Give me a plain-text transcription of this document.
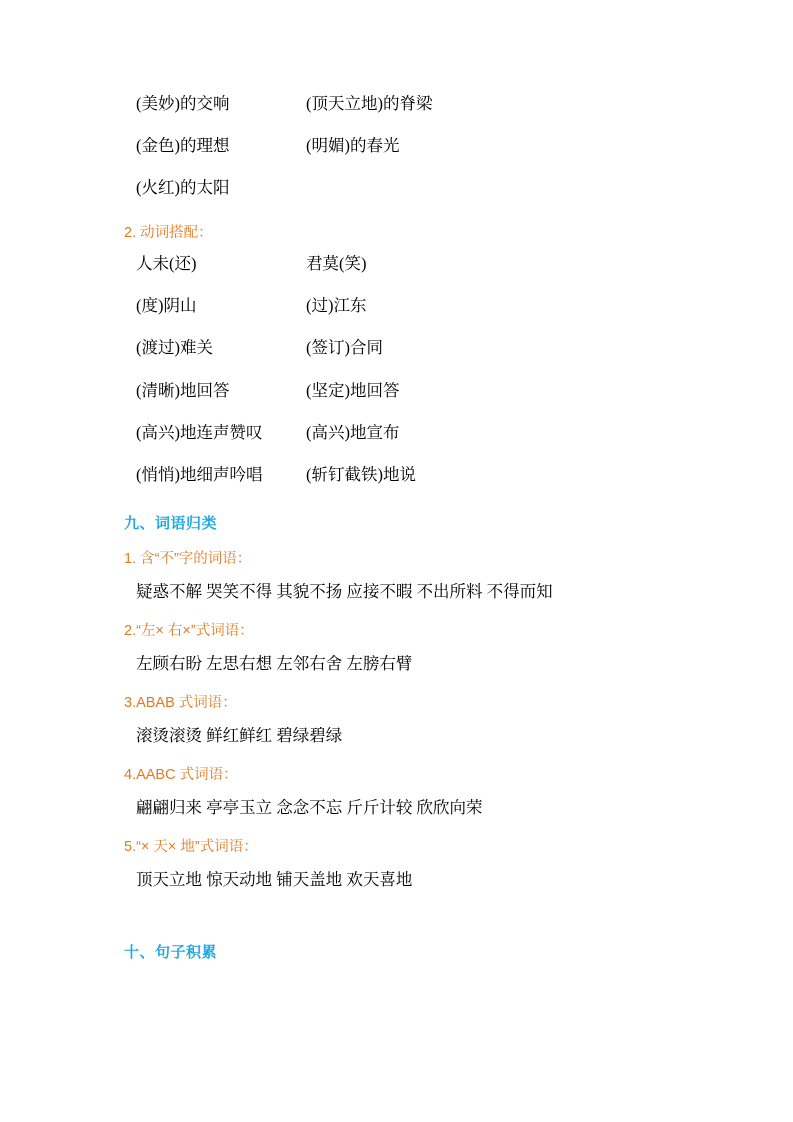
(美妙)的交响	(顶天立地)的脊梁
(金色)的理想	(明媚)的春光
(火红)的太阳
2. 动词搭配：
人未(还)	君莫(笑)
(度)阴山	(过)江东
(渡过)难关	(签订)合同
(清晰)地回答	(坚定)地回答
(高兴)地连声赞叹	(高兴)地宣布
(悄悄)地细声吟唱	(斩钉截铁)地说
九、词语归类
1. 含“不”字的词语：
疑惑不解 哭笑不得 其貌不扬 应接不暇 不出所料 不得而知
2.“左× 右×”式词语：
左顾右盼 左思右想 左邻右舍 左膀右臂
3.ABAB 式词语：
滚烫滚烫 鲜红鲜红 碧绿碧绿
4.AABC 式词语：
翩翩归来 亭亭玉立 念念不忘 斤斤计较 欣欣向荣
5.“× 天× 地”式词语：
顶天立地 惊天动地 铺天盖地 欢天喜地
十、句子积累
